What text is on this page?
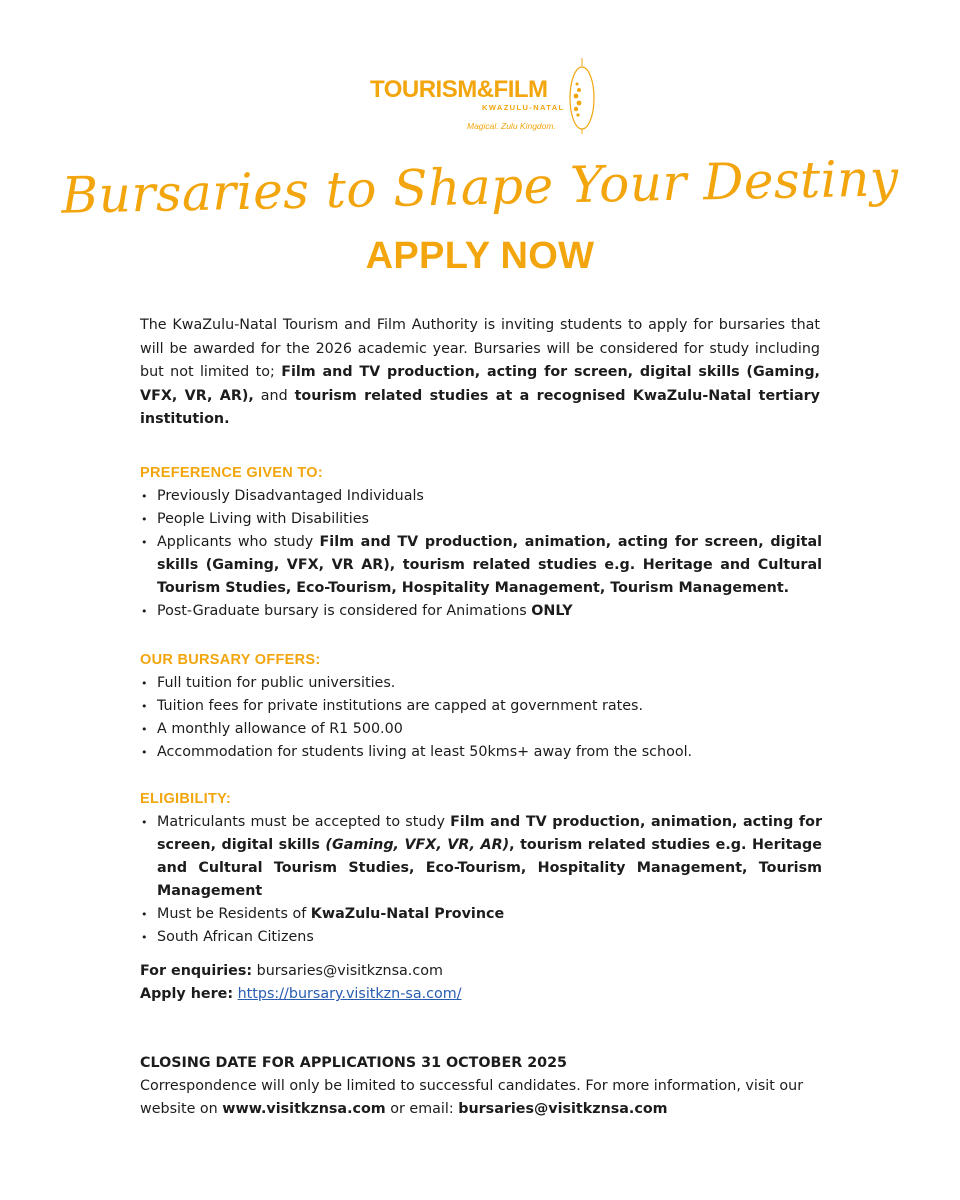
TOURISM&FILM
KWAZULU-NATAL
Magical. Zulu Kingdom.
Bursaries to Shape Your Destiny
APPLY NOW

The KwaZulu-Natal Tourism and Film Authority is inviting students to apply for bursaries that will be awarded for the 2026 academic year. Bursaries will be considered for study including but not limited to; Film and TV production, acting for screen, digital skills (Gaming, VFX, VR, AR), and tourism related studies at a recognised KwaZulu-Natal tertiary institution.

PREFERENCE GIVEN TO:

• Previously Disadvantaged Individuals
• People Living with Disabilities
• Applicants who study Film and TV production, animation, acting for screen, digital skills (Gaming, VFX, VR AR), tourism related studies e.g. Heritage and Cultural Tourism Studies, Eco-Tourism, Hospitality Management, Tourism Management.
• Post-Graduate bursary is considered for Animations ONLY

OUR BURSARY OFFERS:

• Full tuition for public universities.
• Tuition fees for private institutions are capped at government rates.
• A monthly allowance of R1 500.00
• Accommodation for students living at least 50kms+ away from the school.

ELIGIBILITY:

• Matriculants must be accepted to study Film and TV production, animation, acting for screen, digital skills (Gaming, VFX, VR, AR), tourism related studies e.g. Heritage and Cultural Tourism Studies, Eco-Tourism, Hospitality Management, Tourism Management
• Must be Residents of KwaZulu-Natal Province
• South African Citizens

For enquiries: bursaries@visitkznsa.com

Apply here: https://bursary.visitkzn-sa.com/

CLOSING DATE FOR APPLICATIONS 31 OCTOBER 2025

Correspondence will only be limited to successful candidates. For more information, visit our website on www.visitkznsa.com or email: bursaries@visitkznsa.com
